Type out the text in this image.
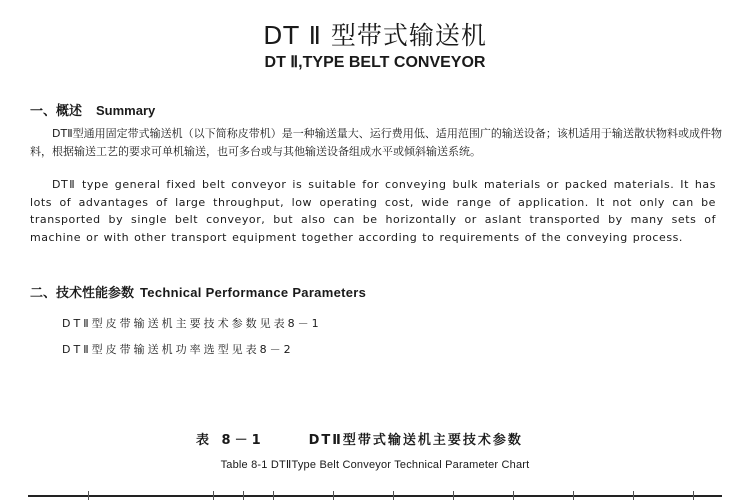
DT Ⅱ 型带式输送机
DT Ⅱ,TYPE BELT CONVEYOR
一、概述 Summary
DTⅡ型通用固定带式输送机（以下简称皮带机）是一种输送量大、运行费用低、适用范围广的输送设备；该机适用于输送散状物料或成件物料，根据输送工艺的要求可单机输送，也可多台或与其他输送设备组成水平或倾斜输送系统。
DTⅡ type general fixed belt conveyor is suitable for conveying bulk materials or packed materials. It has lots of advantages of large throughput, low operating cost, wide range of application. It not only can be transported by single belt conveyor, but also can be horizontally or aslant transported by many sets of machine or with other transport equipment together according to requirements of the conveying process.
二、技术性能参数 Technical Performance Parameters
DTⅡ型皮带输送机主要技术参数见表8－1
DTⅡ型皮带输送机功率选型见表8－2
表 8－1	DTⅡ型带式输送机主要技术参数
Table 8-1 DTⅡType Belt Conveyor Technical Parameter Chart
